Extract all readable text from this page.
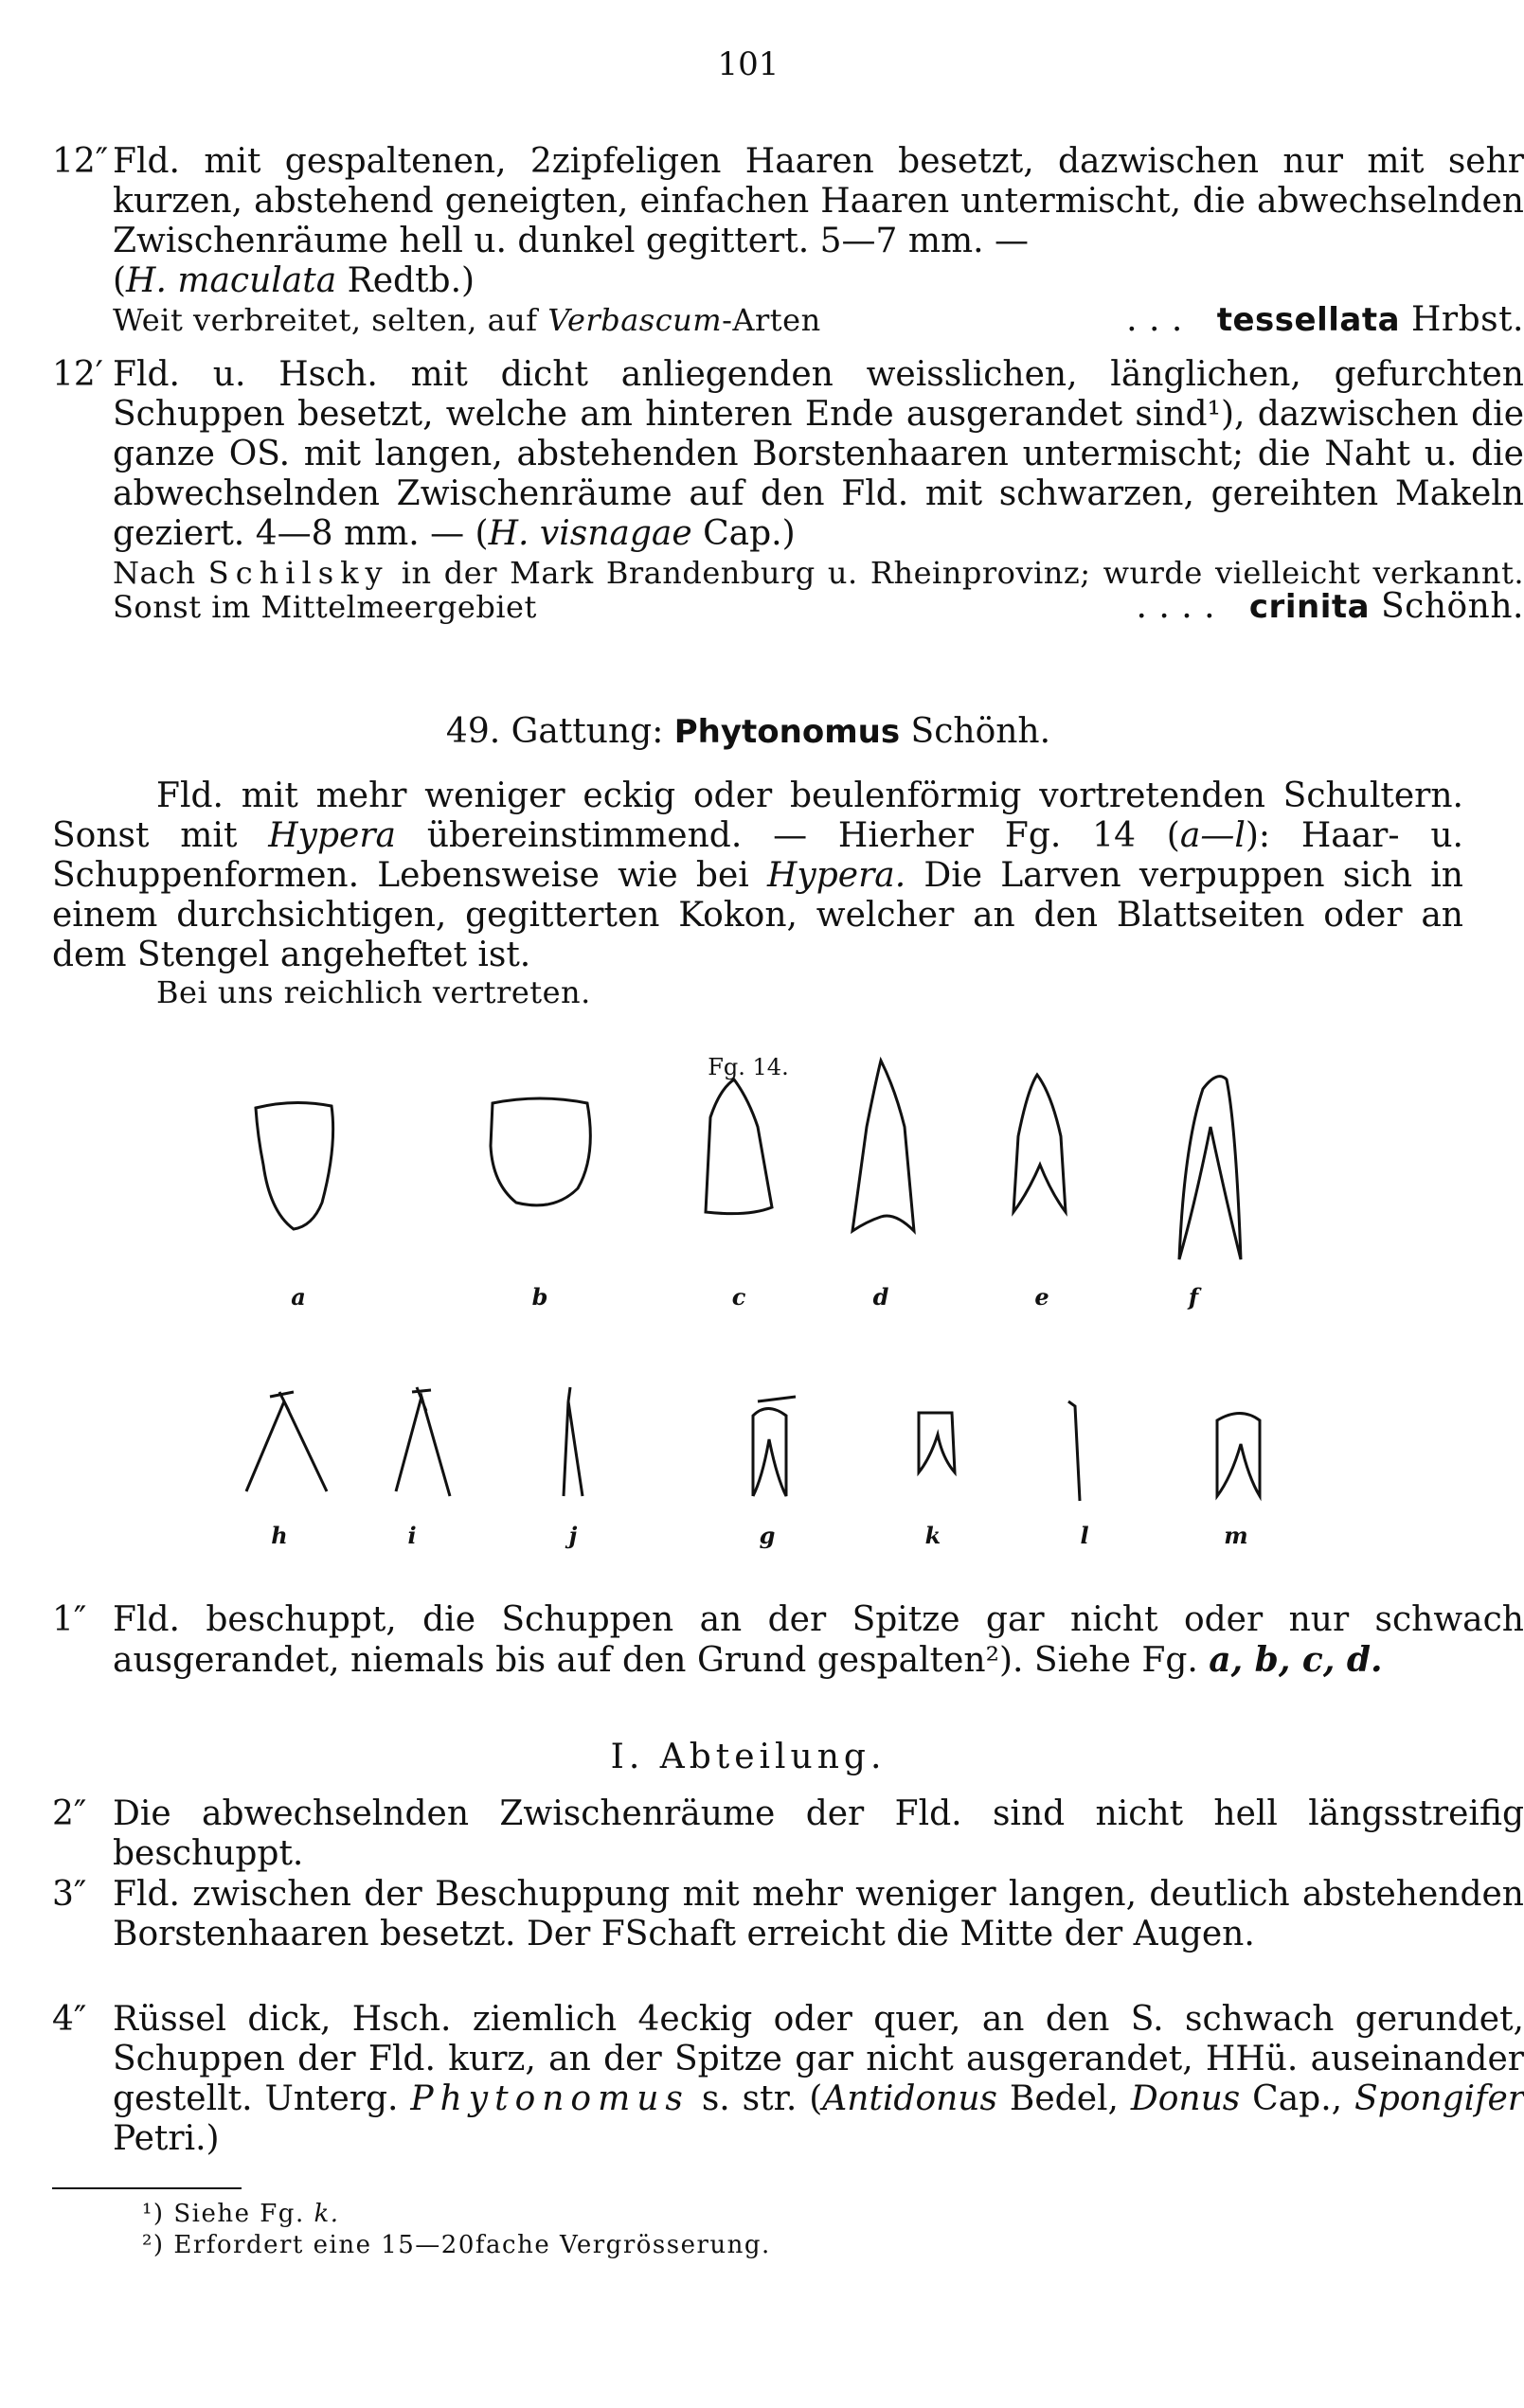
101
12″ Fld. mit gespaltenen, 2zipfeligen Haaren besetzt, dazwischen nur mit sehr kurzen, abstehend geneigten, einfachen Haaren untermischt, die abwechselnden Zwischenräume hell u. dunkel gegittert. 5—7 mm. —
(H. maculata Redtb.)
Weit verbreitet, selten, auf Verbascum-Arten	. . . tessellata Hrbst.
12′ Fld. u. Hsch. mit dicht anliegenden weisslichen, länglichen, gefurchten Schuppen besetzt, welche am hinteren Ende ausgerandet sind¹), dazwischen die ganze OS. mit langen, abstehenden Borstenhaaren untermischt; die Naht u. die abwechselnden Zwischenräume auf den Fld. mit schwarzen, gereihten Makeln geziert. 4—8 mm. — (H. visnagae Cap.)
Nach Schilsky in der Mark Brandenburg u. Rheinprovinz; wurde vielleicht verkannt. Sonst im Mittelmeergebiet	. . . . crinita Schönh.
49. Gattung: Phytonomus Schönh.
Fld. mit mehr weniger eckig oder beulenförmig vortretenden Schultern. Sonst mit Hypera übereinstimmend. — Hierher Fg. 14 (a—l): Haar- u. Schuppenformen. Lebensweise wie bei Hypera. Die Larven verpuppen sich in einem durchsichtigen, gegitterten Kokon, welcher an den Blattseiten oder an dem Stengel angeheftet ist.
Bei uns reichlich vertreten.
Fg. 14.
a	b	c	d	e	f
h	i	j	g	k	l	m
1″ Fld. beschuppt, die Schuppen an der Spitze gar nicht oder nur schwach ausgerandet, niemals bis auf den Grund gespalten²). Siehe Fg. a, b, c, d.
I. Abteilung.
2″ Die abwechselnden Zwischenräume der Fld. sind nicht hell längsstreifig beschuppt.
3″ Fld. zwischen der Beschuppung mit mehr weniger langen, deutlich abstehenden Borstenhaaren besetzt. Der FSchaft erreicht die Mitte der Augen.
4″ Rüssel dick, Hsch. ziemlich 4eckig oder quer, an den S. schwach gerundet, Schuppen der Fld. kurz, an der Spitze gar nicht ausgerandet, HHü. auseinander gestellt. Unterg. Phytonomus s. str. (Antidonus Bedel, Donus Cap., Spongifer Petri.)
¹) Siehe Fg. k.
²) Erfordert eine 15—20fache Vergrösserung.
